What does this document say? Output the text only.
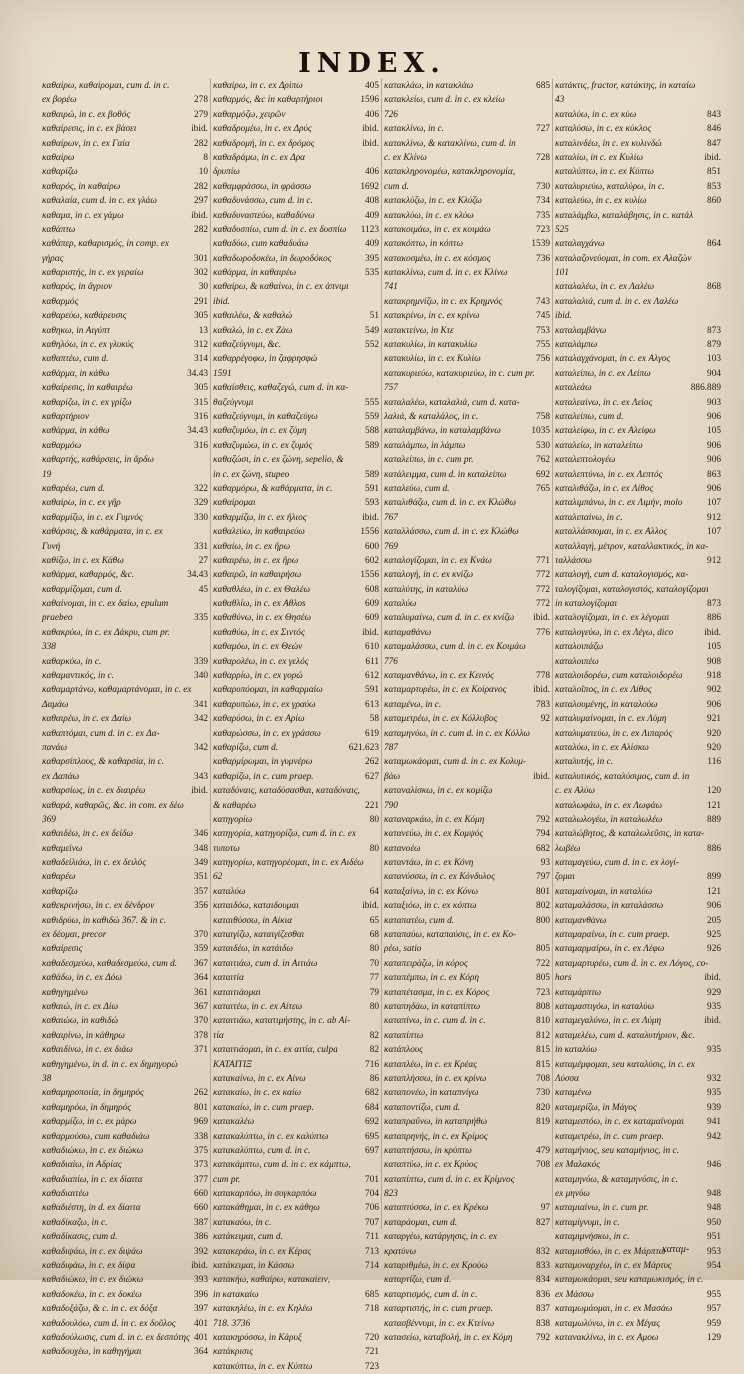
INDEX.
καθαίρω, καθαίρομαι, cum d. in c.
ex βορέω	278
καθαιρώ, in c. ex βοθός	279
καθαίρεσις, in c. ex βάσει	ibid.
καθαίρων, in c. ex Γαία	282
καθαίρω	8
καθαρίζω	10
καθαρός, in καθαίρω	282
καθαλαία, cum d. in c. ex γλάω	297
καθαμα, in c. ex γάμω	ibid.
καθάπτω	282
καθάπερ, καθαρισμός, in comp. ex
γήρας	301
καθαριστής, in c. ex γεραίω	302
καθαρός, in ἄγριον	30
καθαρμός	291
καθαρεύω, καθάρευσις	305
καθηκω, in Αιγύπτ	13
καθηλόω, in c. ex γλυκύς	312
καθαπτέω, cum d.	314
καθάρμα, in κάθω	34.43
καθαίρεσις, in καθαιρέω	305
καθαρίζω, in c. ex γρίζω	315
καθαρτήριον	316
καθάρμα, in κάθω	34.43
καθαρμόω	316
καθαρτής, καθάρσεις, in ἄρδω
19
καθαρέω, cum d.	322
καθαίρω, in c. ex γῆρ	329
καθαρμίζω, in c. ex Γυμνός	330
καθάρσις, & καθάρματα, in c. ex
Γυνή	331
καθίζω, in c. ex Κάθω	27
καθάρμα, καθαρμός, &c.	34.43
καθαρμίζομαι, cum d.	45
καθαίνομαι, in c. ex δαίω, epulum
praebeo	335
καθακρύω, in c. ex Δάκρυ, cum pr.
338
καθαρκύω, in c.	339
καθαμαντικός, in c.	340
καθαμαρτάνω, καθαμαρτάνομαι, in c. ex
Δαμάω	341
καθαιρέω, in c. ex Δαίω	342
καθαπτόμαι, cum d. in c. ex Δα-
πανάω	342
καθαρσίπλους, & καθαρσία, in c.
ex Δαπάω	343
καθαρσίως, in c. ex διαιρέω	ibid.
καθαρά, καθαρῶς, &c. in com. ex δέω
369
καθαιδέω, in c. ex δείδω	346
καθαμείνω	348
καθαδείλιάω, in c. ex δειλός	349
καθαρέω	351
καθαρίζω	357
καθεκρινήσω, in c. ex δένδρον	356
καθιδρύω, in καθιδώ 367. & in c.
ex δέομαι, precor	370
καθαίρεσις	359
καθαδεσμεύω, καθαδεσμεύω, cum d.	367
καθάδω, in c. ex Δόω	364
καθηγημένω	361
καθαιώ, in c. ex Δίω	367
καθαιώω, in καθιδώ	370
καθαιρίνω, in κάθηρω	378
καθαιδίνω, in c. ex διάω	371
καθηγημένω, in d. in c. ex δημηγορώ
38
καθαμηροποιία, in δημηρός	262
καθαμηρόω, in δημηρός	801
καθαρμίζω, in c. ex μάρω	969
καθαρμούσω, cum καθαδιάω	338
καθαδιώκω, in c. ex διώκω	375
καθαδιαίω, in Αδρίας	373
καθαδιαπίω, in c. ex δίαιτα	377
καθαδιαιτέω	660
καθαδιέστη, in d. ex δίαιτα	660
καθαδίκαζω, in c.	387
καθαδίκασις, cum d.	386
καθαδιψάω, in c. ex διψάω	392
καθαδιφάω, in c. ex δίψα	ibid.
καθαδιώκω, in c. ex διώκω	393
καθαδοκέω, in c. ex δοκέω	396
καθαδοξάζω, & c. in c. ex δόξα	397
καθαδουλόω, cum d. in c. ex δοῦλος	401
καθαδούλωσις, cum d. in c. ex δεσπότης 401
καθαδουχέω, in καθηγήμαι	364
καθαίρω, in c. ex Δρίπω	405
καθαρμός, &c in καθαρτήριοι	1596
καθαρμόζω, χειρῶν	406
καθαδρομέω, in c. ex Δρύς	ibid.
καθαδρομή, in c. ex δρόμος	ibid.
καθαδράμω, in c. ex Δρα
δρυπίω	406
καθαμφράσσω, in φράσσω	1692
καθαδυνάσσω, cum d. in c.	408
καθαδυναστεύω, καθαδύνω	409
καθαδυσπίω, cum d. in c. ex δυσπίω	1123
καθαδύω, cum καθαδυάω	409
καθαδωροδοκέω, in δωροδόκος	395
καθάρμα, in καθαιρέω	535
καθαίρω, & καθαίνω, in c. ex ἀπνιμι
ibid.
καθαιλέω, & καθαλώ	51
καθαλώ, in c. ex Ζάω	549
καθαζεύγνυμι, &c.	552
καθαρρέγοφω, in ζαφρησφώ
1591
καθαίσθεις, καθαζεγώ, cum d. in κα-
θαζεύγνυμι	555
καθαζεύγνυμι, in καθαζεύγω	559
καθαζυμόω, in c. ex ζύμη	588
καθαζυμώω, in c. ex ζυμός	589
καθαζώσι, in c. ex ζώνη, sepelio, &
in c. ex ζώνη, stupeo	589
καθαρμόρω, & καθάρματα, in c.	591
καθαίρομαι	593
καθαρμίζω, in c. ex ἥλιος	ibid.
καθαλεύω, in καθαιρεύω	1556
καθαίω, in c. ex ἥρω	600
καθαιρέω, in c. ex ἥρω	602
καθαιρῶ, in καθαιρήσω	1556
καθαθλέω, in c. ex Θαλέω	608
καθαθλίω, in c. ex Αθλοs	609
καθαθύνω, in c. ex Θησέω	609
καθαθύω, in c. ex Σιντός	ibid.
καθαμόω, in c. ex Θεών	610
καθαρολέω, in c. ex γελός	611
καθαρρίω, in c. ex γορώ	612
καθαρυπόομαι, in καθαρμαίω	591
καθαρυπώω, in c. ex γραύω	613
καθαρύσω, in c. ex Αρίω	58
καθαρώσσω, in c. ex γράσσω	619
καθαρίζω, cum d.	621.623
καθαρμίρωμαι, in γυμνέρω	262
καθαρίζω, in c. cum praep.	627
καταδύναις, καταδύσασθαι, καταδύναις,
& καθαρέω	221
κατηγορίω	80
κατηγορία, κατηγορίζω, cum d. in c. ex
τυποτω	80
κατηγορίω, κατηγορέομαι, in c. ex Αιδέω
62
καταλύω	64
καταιδόω, καταιδουμαι	ibid.
καταιθύσσω, in Αίκια	65
καταιγίζω, καταιγίζεσθαι	68
καταιδέω, in κατάιδω	80
καταιτιάω, cum d. in Αιτιάω	70
καταιτία	77
καταιτιάομαι	79
καταιτέω, in c. ex Αίτεω	80
καταιτιάω, κατατιμήστης, in c. ab Αί-
τία	82
καταιτιάομαι, in c. ex αιτία, culpa	82
ΚΑΤΑΙΤΙΞ	716
κατακαίνω, in c. ex Αίνω	86
κατακαίω, in c. ex καίω	682
κατακαίω, in c. cum praep.	684
κατακαλέω	692
κατακαλύπτω, in c. ex καλύπτω	695
κατακαλύπτω, cum d. in c.	697
κατακάμπτω, cum d. in c. ex κάμπτω,
cum pr.	701
κατακαρπόω, in συγκαρπόω	704
κατακάθημαι, in c. ex κάθηω	706
κατακαύω, in c.	707
κατάκειμαι, cum d.	711
κατακεράω, in c. ex Κέρας	713
κατάκειμαι, in Κάσσω	714
κατακήω, καθαίρω, κατακαίειν,
in κατακαίω	685
κατακηλέω, in c. ex Κηλέω	718
718. 3736
κατακηρύσσω, in Κάρυξ	720
κατάκρισις	721
κατακύπτω, in c. ex Κύπτω	723
κατακλάω, in κατακλάω	685
κατακλείω, cum d. in c. ex κλείω
726
κατακλίνω, in c.	727
κατακλίνω, & κατακλίνω, cum d. in
c. ex Κλίνω	728
κατακληρονομέω, κατακληρονομία,
cum d.	730
κατακλύζω, in c. ex Κλύζω	734
κατακλύω, in c. ex κλύω	735
κατακοιμάω, in c. ex κοιμάω	723
κατακόπτω, in κόπτω	1539
κατακοσμέω, in c. ex κόσμος	736
κατακλίνω, cum d. in c. ex Κλίνω
741
κατακρημνίζω, in c. ex Κρημνός	743
κατακρίνω, in c. ex κρίνω	745
κατακτείνω, in Κτε	753
κατακυλίω, in κατακυλίω	755
κατακυλίω, in c. ex Κυλίω	756
κατακυριεύω, κατακυριεύω, in c. cum pr.
757
καταλαλέω, καταλαλιά, cum d. κατα-
λαλιά, & καταλάλος, in c.	758
καταλαμβάνω, in καταλαμβάνω	1035
καταλάμπω, in λάμπω	530
καταλείπω, in c. cum pr.	762
κατάλειμμα, cum d. in καταλείπω	692
καταλεύω, cum d.	765
καταλιθάζω, cum d. in c. ex Κλώθω
767
καταλλάσσω, cum d. in c. ex Κλώθω
769
καταλογίζομαι, in c. ex Κνάω	771
καταλογή, in c. ex κνίζω	772
καταλύτης, in καταλύω	772
καταλύω	772
καταλυμαίνω, cum d. in c. ex κνίζω	ibid.
καταμαθάνω	776
καταμαλάσσω, cum d. in c. ex Κοιμάω
776
καταμανθάνω, in c. ex Κεινός	778
καταμαρτυρέω, in c. ex Κοίρανος	ibid.
καταμένω, in c.	783
καταμετρέω, in c. ex Κόλλυβος	92
καταμηνύω, in c. cum d. in c. ex Κόλλω
787
καταμωκάομαι, cum d. in c. ex Κολυμ-
βάω	ibid.
καταναλίσκω, in c. ex κομίζω
790
καταναρκάω, in c. ex Κόμη	792
κατανεύω, in c. ex Κομψός	794
κατανοέω	682
καταντάω, in c. ex Κόνη	93
κατανύσσω, in c. ex Κόνδυλος	797
καταξαίνω, in c. ex Κόνω	801
καταξιόω, in c. ex κόπτω	802
καταπατέω, cum d.	800
καταπαύω, καταπαύσις, in c. ex Κο-
ρέω, satio	805
καταπειράζω, in κόρος	722
καταπέμπω, in c. ex Κόρη	805
καταπέτασμα, in c. ex Κόρος	723
καταπηδάω, in καταπίπτω	808
καταπίνω, in c. cum d. in c.	810
καταπίπτω	812
κατάπλους	815
καταπλέω, in c. ex Κρέας	815
καταπλήσσω, in c. ex κρίνω	708
καταπονέω, in καταπνίγω	730
καταποντίζω, cum d.	820
καταπραΰνω, in καταπρήθω	819
καταπρηνής, in c. ex Κρίμος
καταπτήσσω, in κρύπτω	479
καταπτύω, in c. ex Κρύος	708
καταπίπτω, cum d. in c. ex Κρίμνος
823
καταπτύσσω, in c. ex Κρέκω	97
καταράομαι, cum d.	827
καταργέω, κατάργησις, in c. ex
κρατύνω	832
καταριθμέω, in c. ex Κρούω	833
καταρτίζω, cum d.	834
καταρτισμός, cum d. in c.	836
καταρτιστής, in c. cum praep.	837
κατασβέννυμι, in c. ex Κτείνω	838
κατασείω, καταβολή, in c. ex Κόμη	792
κατάκτις, fractor, κατάκτης, in καταίω
43
καταλύω, in c. ex κύω	843
καταλύσω, in c. ex κύκλος	846
καταλινδέω, in c. ex κυλινδώ	847
καταλίω, in c. ex Κυλίω	ibid.
καταλύπτω, in c. ex Κύπτω	851
καταλυριεύω, καταλύρω, in c.	853
καταλεύω, in c. ex κυλίω	860
καταλάμβω, καταλάβησις, in c. κατάλ
525
καταλαγχάνω	864
καταλαζονεύομαι, in com. ex Αλαζών
101
καταλαλέω, in c. ex Λαλέω	868
καταλαλιά, cum d. in c. ex Λαλέω
ibid.
καταλαμβάνω	873
καταλάμπω	879
καταλαγχάνομαι, in c. ex Αλγος	103
καταλείπω, in c. ex Λείπω	904
καταλεάω	886.889
καταλεαίνω, in c. ex Λείος	903
καταλείπω, cum d.	906
καταλείφω, in c. ex Αλείφω	105
καταλείω, in καταλείπω	906
καταλεπτολογέω	906
καταλεπτύνω, in c. ex Λεπτός	863
καταλιθάζω, in c. ex Λίθος	906
καταλιμπάνω, in c. ex Λιμήν, molo	107
καταλιπαίνω, in c.	912
καταλλάσσομαι, in c. ex Αλλος	107
καταλλαγή, μέτρον, καταλλακτικός, in κα-
ταλλάσσω	912
καταλογή, cum d. καταλογισμός, κα-
ταλογίζομαι, καταλογιστός, καταλογίζομαι
in καταλογίζομαι	873
καταλογίζομαι, in c. ex λέγομαι	886
καταλογεύω, in c. ex Λέγω, dico	ibid.
καταλοιπάζω	105
καταλοιπέω	908
καταλοιδορέω, cum καταλοιδορέω	918
καταλοῖπος, in c. ex Λίθος	902
καταλουμένης, in καταλούω	906
καταλυμαίνομαι, in c. ex Λύμη	921
καταλυματεύω, in c. ex Λιπαρός	920
καταλύω, in c. ex Αλίσκω	920
καταλυτής, in c.	116
καταλυτικός, καταλύσιμος, cum d. in
c. ex Αλύω	120
καταλωφάω, in c. ex Λωφάω	121
καταλωλογέω, in καταλωλέω	889
καταλώβητος, & καταλωλεῦσις, in κατα-
λωβέω	886
καταμαγεύω, cum d. in c. ex λογί-
ζομαι	899
καταμαίνομαι, in καταλύω	121
καταμαλάσσω, in καταλάσσω	906
καταμανθάνω	205
καταμαραίνω, in c. cum praep.	925
καταμαρμαίρω, in c. ex Λέφω	926
καταμαρτυρέω, cum d. in c. ex Λόγος, co-
hors	ibid.
καταμάρπτω	929
καταμαστιγόω, in καταλύω	935
καταμεγαλύνω, in c. ex Λύμη	ibid.
καταμελέω, cum d. καταλυτήριον, &c.
in καταλύω	935
καταμέμφομαι, seu καταλύσις, in c. ex
Λύσσα	932
καταμένω	935
καταμερίζω, in Μάγος	939
καταμεστόω, in c. ex καταμαίνομαι	941
καταμετρέω, in c. cum praep.	942
καταμήνιος, seu καταμήνιος, in c.
ex Μαλακός	946
καταμηνύω, & καταμηνύσις, in c.
ex μηνύω	948
καταμιαίνω, in c. cum pr.	948
καταμίγνυμι, in c.	950
καταμιμνήσκω, in c.	951
καταμισθόω, in c. ex Μάρπτω	953
καταμοναρχέω, in c. ex Μάρτυς	954
καταμωκάομαι, seu καταμωκισμός, in c.
ex Μάσσω	955
καταμωμάομαι, in c. ex Μασάω	957
καταμωλύνω, in c. ex Μέγας	959
κατανακλίνω, in c. ex Αμοω	129
καταμ-
